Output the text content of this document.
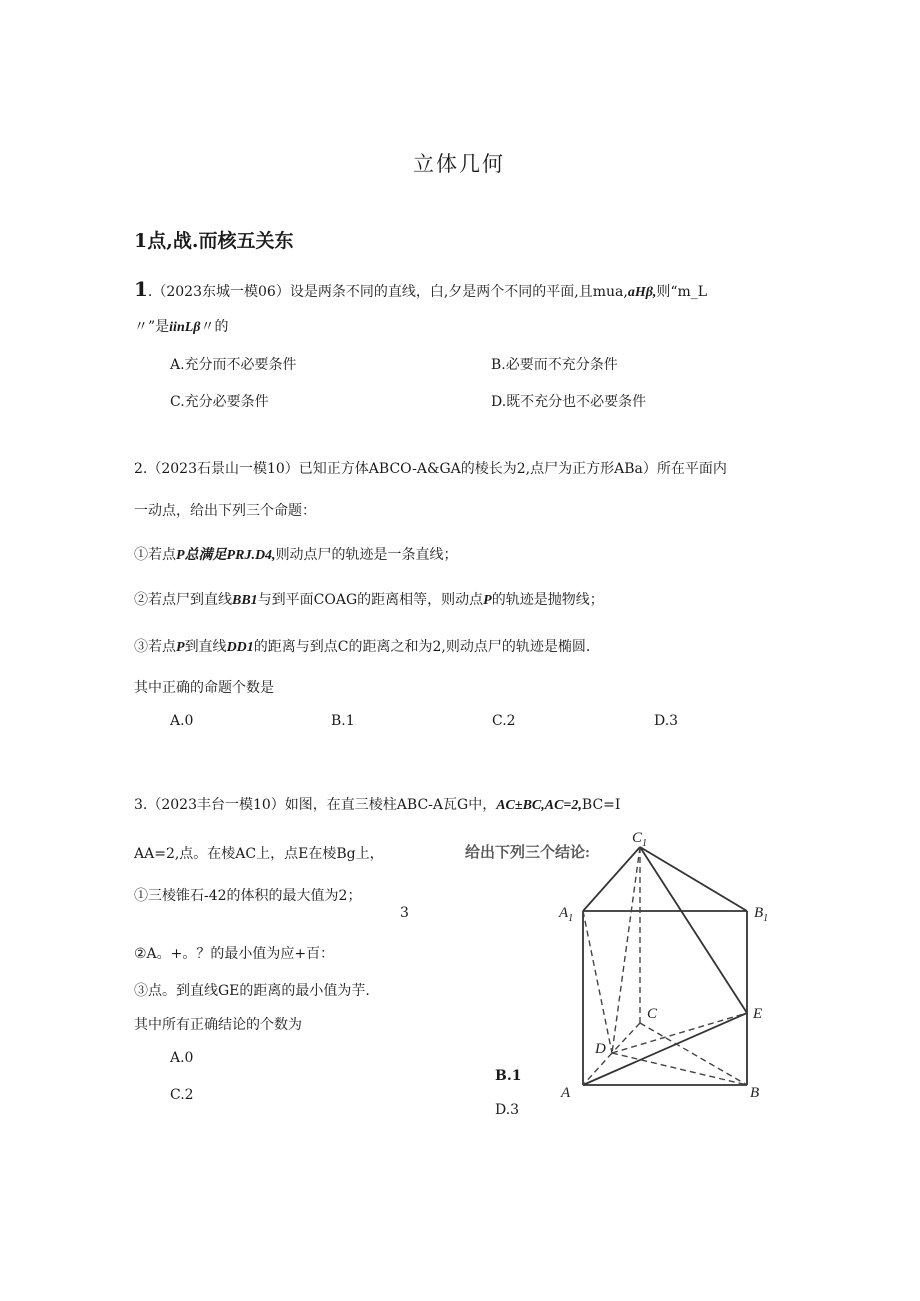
立体几何
1点,战.而核五关东
1.（2023东城一模06）设是两条不同的直线，白,夕是两个不同的平面,且mua,aHβ,则“m_L
〃”是iinLβ〃的
A.充分而不必要条件	B.必要而不充分条件
C.充分必要条件	D.既不充分也不必要条件
2.（2023石景山一模10）已知正方体ABCO-A&GA的棱长为2,点尸为正方形ABa）所在平面内
一动点，给出下列三个命题：
①若点P总满足PRJ.D4,则动点尸的轨迹是一条直线；
②若点尸到直线BB1与到平面COAG的距离相等，则动点P的轨迹是抛物线；
③若点P到直线DD1的距离与到点C的距离之和为2,则动点尸的轨迹是椭圆.
其中正确的命题个数是
A.0	B.1	C.2	D.3
3.（2023丰台一模10）如图，在直三棱柱ABC-A瓦G中，AC±BC,AC=2,BC=I
AA=2,点。在棱AC上，点E在棱Bg上，
①三棱锥石-42的体积的最大值为2；
3
②A。+。？的最小值为应+百：
③点。到直线GE的距离的最小值为芋.
其中所有正确结论的个数为
A.0
B.1
C.2
D.3
给出下列三个结论:
$C_1$
$A_1$	$B_1$
C
D
E
A	B
